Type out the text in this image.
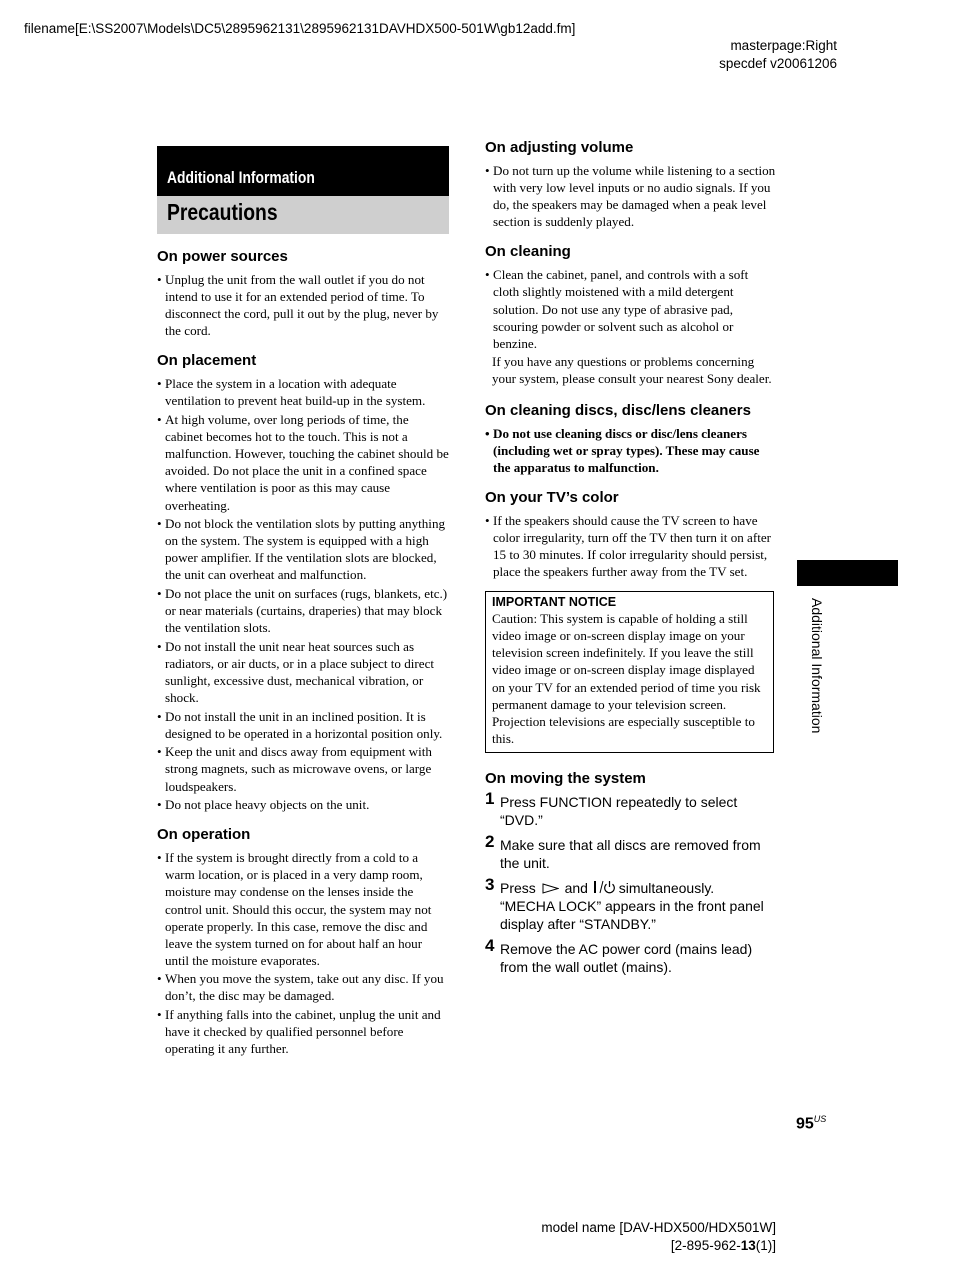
filename[E:\SS2007\Models\DC5\2895962131\2895962131DAVHDX500-501W\gb12add.fm]
masterpage:Right
specdef v20061206
Additional Information
Precautions
On power sources
• Unplug the unit from the wall outlet if you do not intend to use it for an extended period of time. To disconnect the cord, pull it out by the plug, never by the cord.
On placement
• Place the system in a location with adequate ventilation to prevent heat build-up in the system.
• At high volume, over long periods of time, the cabinet becomes hot to the touch. This is not a malfunction. However, touching the cabinet should be avoided. Do not place the unit in a confined space where ventilation is poor as this may cause overheating.
• Do not block the ventilation slots by putting anything on the system. The system is equipped with a high power amplifier. If the ventilation slots are blocked, the unit can overheat and malfunction.
• Do not place the unit on surfaces (rugs, blankets, etc.) or near materials (curtains, draperies) that may block the ventilation slots.
• Do not install the unit near heat sources such as radiators, or air ducts, or in a place subject to direct sunlight, excessive dust, mechanical vibration, or shock.
• Do not install the unit in an inclined position. It is designed to be operated in a horizontal position only.
• Keep the unit and discs away from equipment with strong magnets, such as microwave ovens, or large loudspeakers.
• Do not place heavy objects on the unit.
On operation
• If the system is brought directly from a cold to a warm location, or is placed in a very damp room, moisture may condense on the lenses inside the control unit. Should this occur, the system may not operate properly. In this case, remove the disc and leave the system turned on for about half an hour until the moisture evaporates.
• When you move the system, take out any disc. If you don’t, the disc may be damaged.
• If anything falls into the cabinet, unplug the unit and have it checked by qualified personnel before operating it any further.
On adjusting volume
• Do not turn up the volume while listening to a section with very low level inputs or no audio signals. If you do, the speakers may be damaged when a peak level section is suddenly played.
On cleaning
• Clean the cabinet, panel, and controls with a soft cloth slightly moistened with a mild detergent solution. Do not use any type of abrasive pad, scouring powder or solvent such as alcohol or benzine.
If you have any questions or problems concerning your system, please consult your nearest Sony dealer.
On cleaning discs, disc/lens cleaners
• Do not use cleaning discs or disc/lens cleaners (including wet or spray types). These may cause the apparatus to malfunction.
On your TV’s color
• If the speakers should cause the TV screen to have color irregularity, turn off the TV then turn it on after 15 to 30 minutes. If color irregularity should persist, place the speakers further away from the TV set.
IMPORTANT NOTICE
Caution: This system is capable of holding a still video image or on-screen display image on your television screen indefinitely. If you leave the still video image or on-screen display image displayed on your TV for an extended period of time you risk permanent damage to your television screen. Projection televisions are especially susceptible to this.
On moving the system
1 Press FUNCTION repeatedly to select “DVD.”
2 Make sure that all discs are removed from the unit.
3 Press and simultaneously.
“MECHA LOCK” appears in the front panel display after “STANDBY.”
4 Remove the AC power cord (mains lead) from the wall outlet (mains).
Additional Information
$95^{US}$
model name [DAV-HDX500/HDX501W]
[2-895-962-13(1)]
